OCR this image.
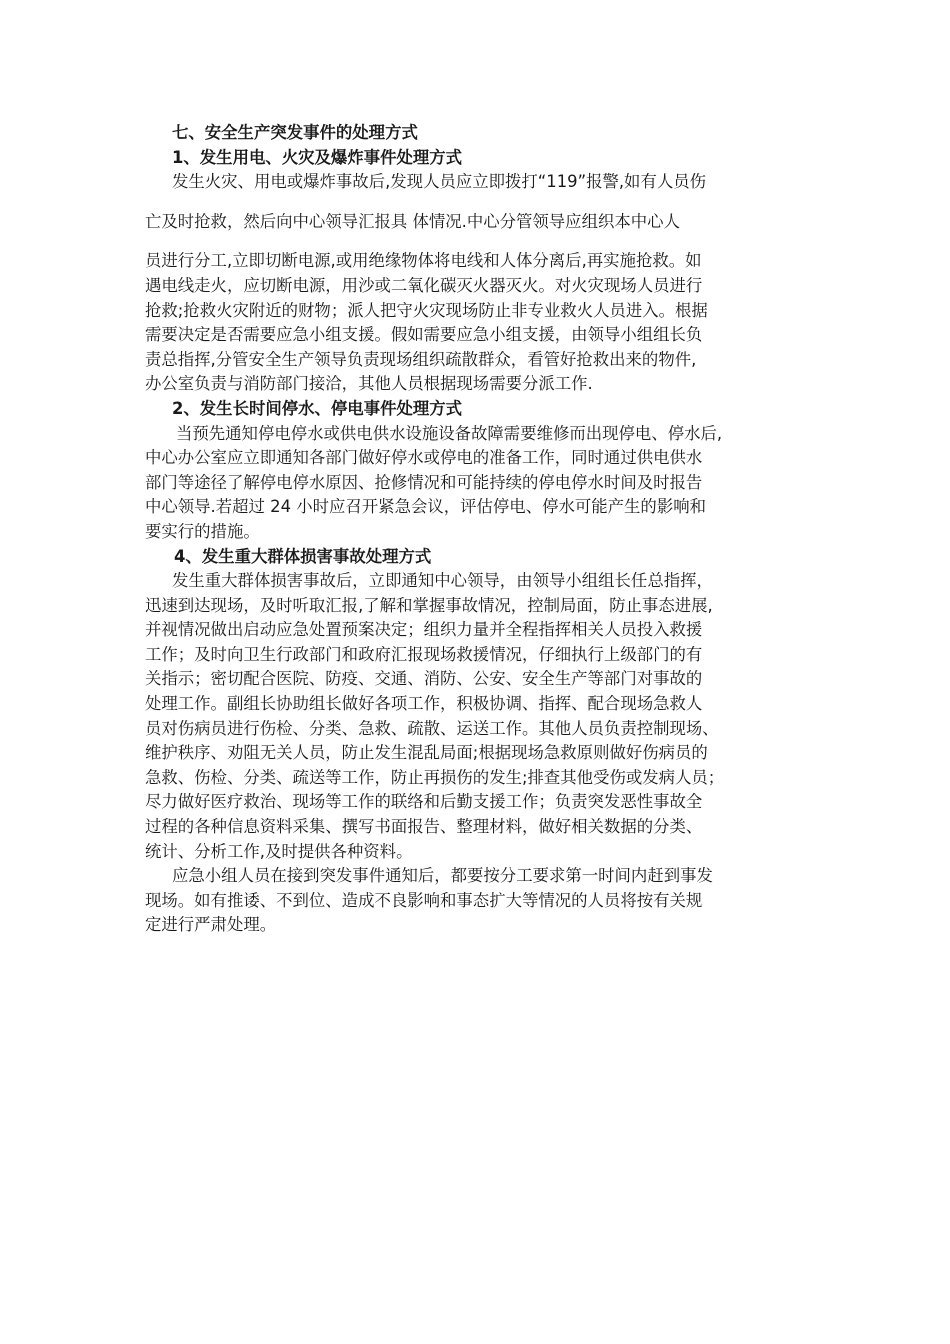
七、安全生产突发事件的处理方式

1、发生用电、火灾及爆炸事件处理方式

发生火灾、用电或爆炸事故后,发现人员应立即拨打“119”报警,如有人员伤

亡及时抢救，然后向中心领导汇报具 体情况.中心分管领导应组织本中心人

员进行分工,立即切断电源,或用绝缘物体将电线和人体分离后,再实施抢救。如

遇电线走火，应切断电源，用沙或二氧化碳灭火器灭火。对火灾现场人员进行

抢救;抢救火灾附近的财物；派人把守火灾现场防止非专业救火人员进入。根据

需要决定是否需要应急小组支援。假如需要应急小组支援，由领导小组组长负

责总指挥,分管安全生产领导负责现场组织疏散群众，看管好抢救出来的物件,

办公室负责与消防部门接洽，其他人员根据现场需要分派工作.

2、发生长时间停水、停电事件处理方式

当预先通知停电停水或供电供水设施设备故障需要维修而出现停电、停水后,

中心办公室应立即通知各部门做好停水或停电的准备工作，同时通过供电供水

部门等途径了解停电停水原因、抢修情况和可能持续的停电停水时间及时报告

中心领导.若超过 24 小时应召开紧急会议，评估停电、停水可能产生的影响和

要实行的措施。

4、发生重大群体损害事故处理方式

发生重大群体损害事故后，立即通知中心领导，由领导小组组长任总指挥，

迅速到达现场，及时听取汇报,了解和掌握事故情况，控制局面，防止事态进展,

并视情况做出启动应急处置预案决定；组织力量并全程指挥相关人员投入救援

工作；及时向卫生行政部门和政府汇报现场救援情况，仔细执行上级部门的有

关指示；密切配合医院、防疫、交通、消防、公安、安全生产等部门对事故的

处理工作。副组长协助组长做好各项工作，积极协调、指挥、配合现场急救人

员对伤病员进行伤检、分类、急救、疏散、运送工作。其他人员负责控制现场、

维护秩序、劝阻无关人员，防止发生混乱局面;根据现场急救原则做好伤病员的

急救、伤检、分类、疏送等工作，防止再损伤的发生;排查其他受伤或发病人员；

尽力做好医疗救治、现场等工作的联络和后勤支援工作；负责突发恶性事故全

过程的各种信息资料采集、撰写书面报告、整理材料，做好相关数据的分类、

统计、分析工作,及时提供各种资料。

应急小组人员在接到突发事件通知后，都要按分工要求第一时间内赶到事发

现场。如有推诿、不到位、造成不良影响和事态扩大等情况的人员将按有关规

定进行严肃处理。
